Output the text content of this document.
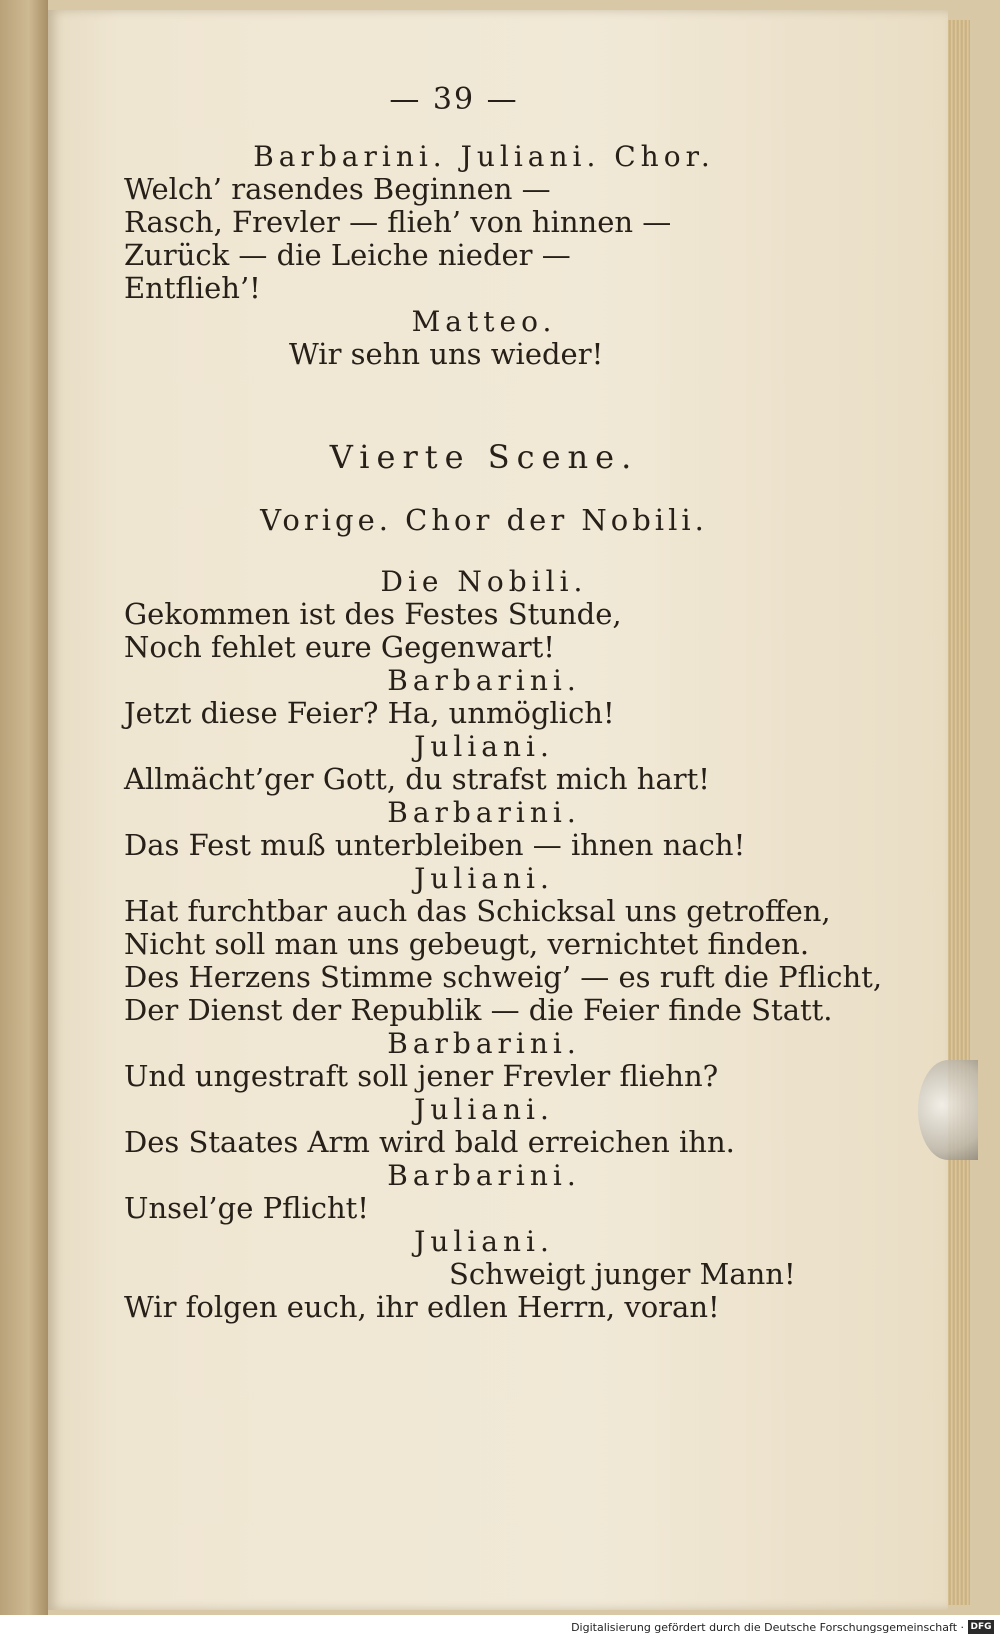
— 39 —

Barbarini. Juliani. Chor.

Welch’ rasendes Beginnen —

Rasch, Frevler — flieh’ von hinnen —

Zurück — die Leiche nieder —

Entflieh’!

Matteo.

Wir sehn uns wieder!

Vierte Scene.
Vorige. Chor der Nobili.

Die Nobili.

Gekommen ist des Festes Stunde,

Noch fehlet eure Gegenwart!

Barbarini.

Jetzt diese Feier? Ha, unmöglich!

Juliani.

Allmächt’ger Gott, du strafst mich hart!

Barbarini.

Das Fest muß unterbleiben — ihnen nach!

Juliani.

Hat furchtbar auch das Schicksal uns getroffen,

Nicht soll man uns gebeugt, vernichtet finden.

Des Herzens Stimme schweig’ — es ruft die Pflicht,

Der Dienst der Republik — die Feier finde Statt.

Barbarini.

Und ungestraft soll jener Frevler fliehn?

Juliani.

Des Staates Arm wird bald erreichen ihn.

Barbarini.

Unsel’ge Pflicht!

Juliani.

Schweigt junger Mann!

Wir folgen euch, ihr edlen Herrn, voran!

Digitalisierung gefördert durch die Deutsche Forschungsgemeinschaft · DFG
